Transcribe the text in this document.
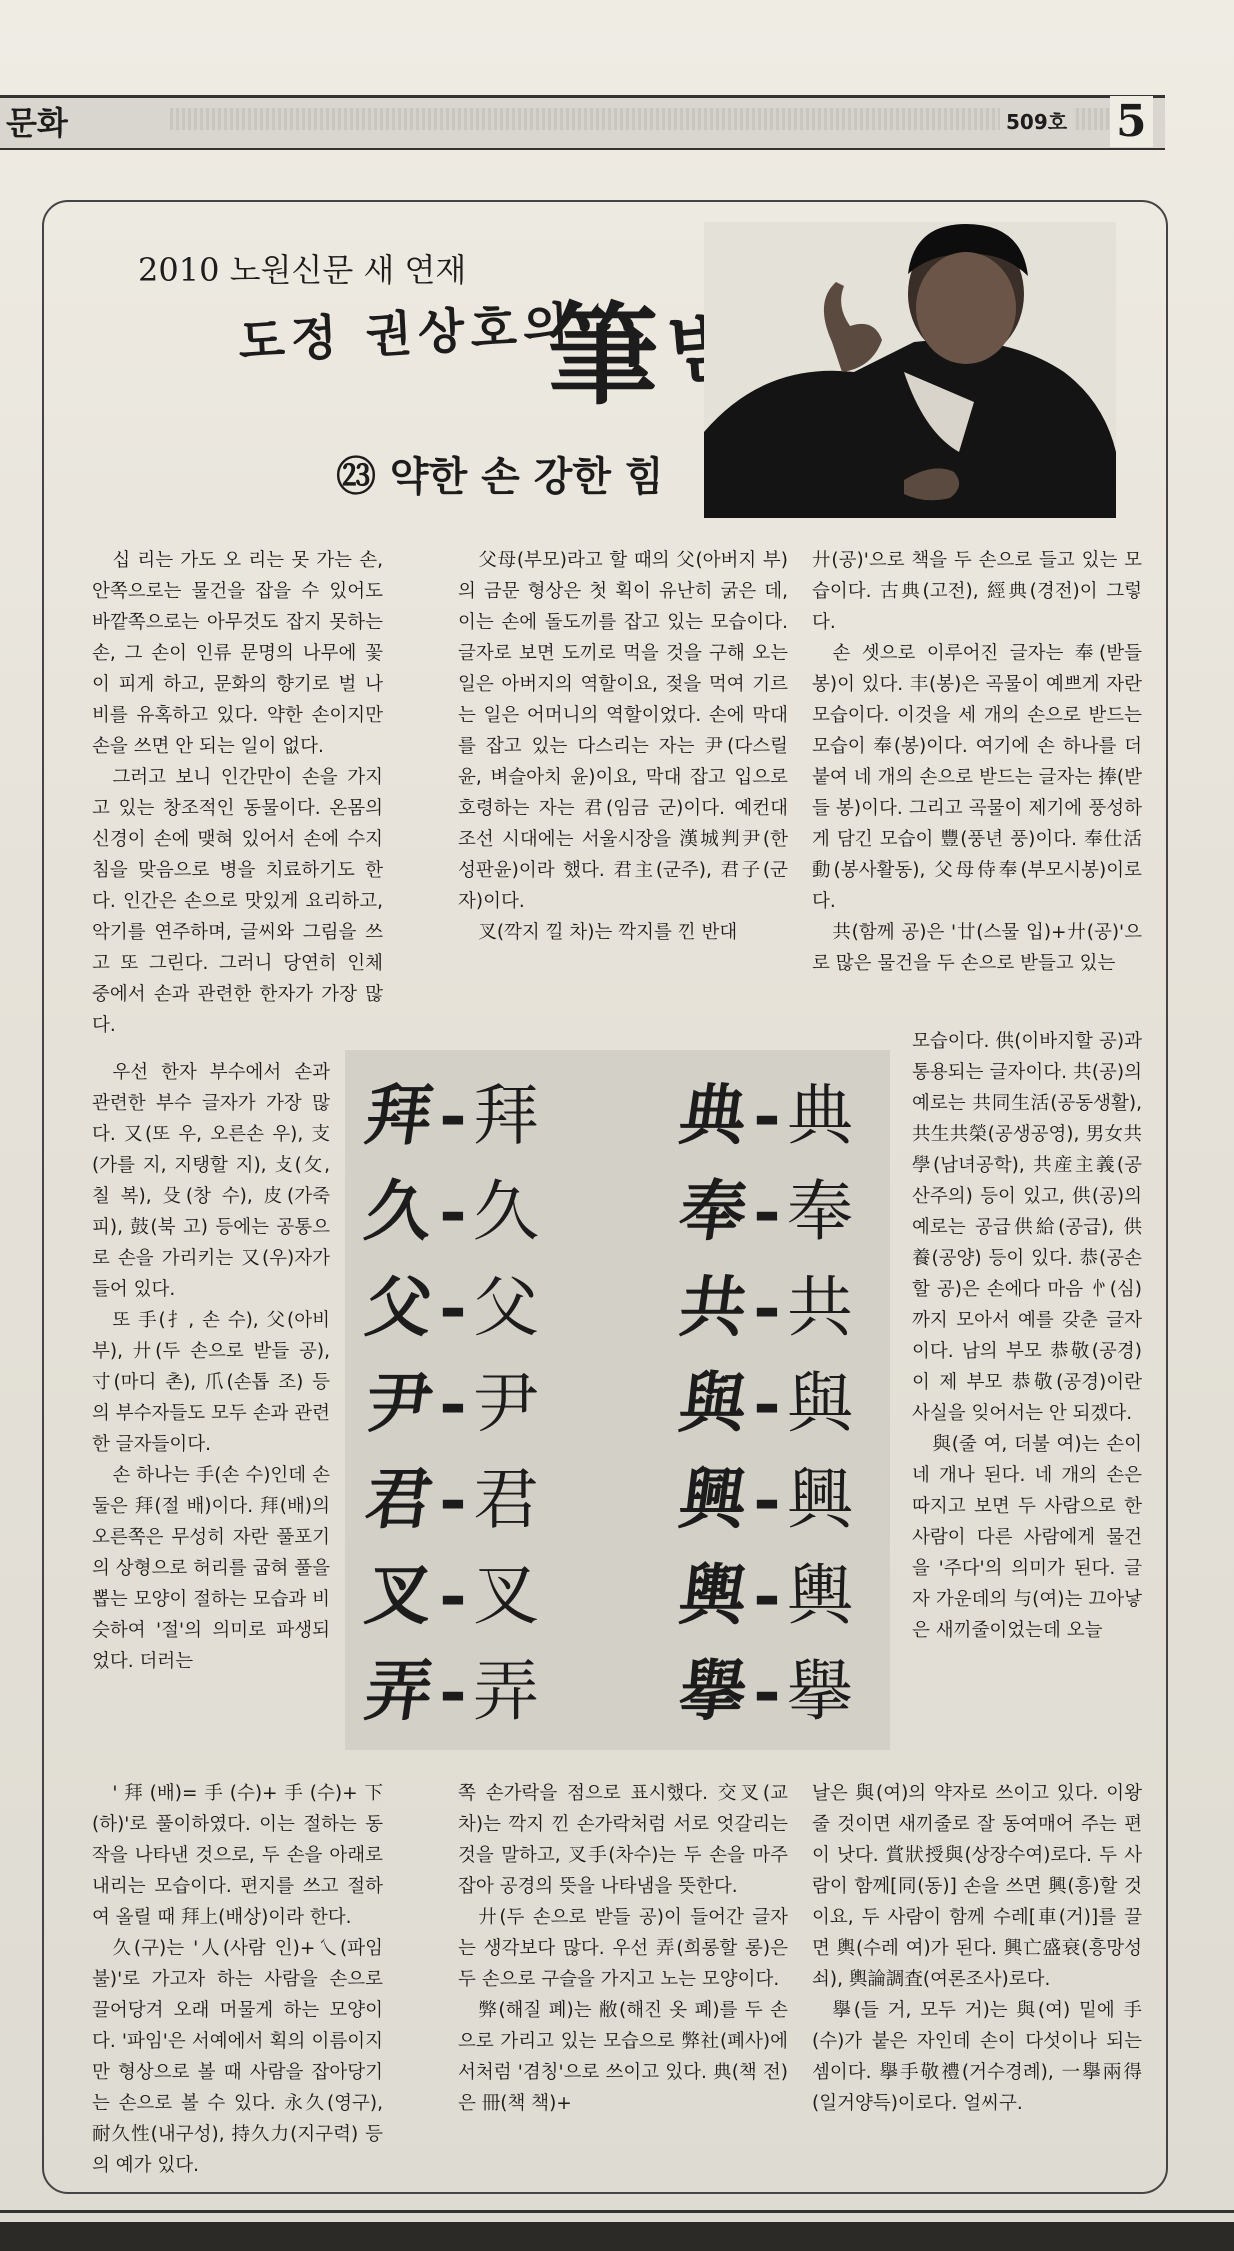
문화	509호 5
2010 노원신문 새 연재
도정 권상호의
筆
㉓ 약한 손 강한 힘

십 리는 가도 오 리는 못 가는 손, 안쪽으로는 물건을 잡을 수 있어도 바깥쪽으로는 아무것도 잡지 못하는 손, 그 손이 인류 문명의 나무에 꽃이 피게 하고, 문화의 향기로 벌 나비를 유혹하고 있다. 약한 손이지만 손을 쓰면 안 되는 일이 없다.

그러고 보니 인간만이 손을 가지고 있는 창조적인 동물이다. 온몸의 신경이 손에 맺혀 있어서 손에 수지침을 맞음으로 병을 치료하기도 한다. 인간은 손으로 맛있게 요리하고, 악기를 연주하며, 글씨와 그림을 쓰고 또 그린다. 그러니 당연히 인체 중에서 손과 관련한 한자가 가장 많다.

우선 한자 부수에서 손과 관련한 부수 글자가 가장 많다. 又(또 우, 오른손 우), 支(가를 지, 지탱할 지), 攴(攵, 칠 복), 殳(창 수), 皮(가죽 피), 鼓(북 고) 등에는 공통으로 손을 가리키는 又(우)자가 들어 있다.

또 手(扌, 손 수), 父(아비 부), 廾(두 손으로 받들 공), 寸(마디 촌), 爪(손톱 조) 등의 부수자들도 모두 손과 관련한 글자들이다.

손 하나는 手(손 수)인데 손 둘은 拜(절 배)이다. 拜(배)의 오른쪽은 무성히 자란 풀포기의 상형으로 허리를 굽혀 풀을 뽑는 모양이 절하는 모습과 비슷하여 '절'의 의미로 파생되었다. 더러는

'拜(배)=手(수)+手(수)+下(하)'로 풀이하였다. 이는 절하는 동작을 나타낸 것으로, 두 손을 아래로 내리는 모습이다. 편지를 쓰고 절하여 올릴 때 拜上(배상)이라 한다.

久(구)는 '人(사람 인)+乀(파임 불)'로 가고자 하는 사람을 손으로 끌어당겨 오래 머물게 하는 모양이다. '파임'은 서예에서 획의 이름이지만 형상으로 볼 때 사람을 잡아당기는 손으로 볼 수 있다. 永久(영구), 耐久性(내구성), 持久力(지구력) 등의 예가 있다.

父母(부모)라고 할 때의 父(아버지 부)의 금문 형상은 첫 획이 유난히 굵은 데, 이는 손에 돌도끼를 잡고 있는 모습이다. 글자로 보면 도끼로 먹을 것을 구해 오는 일은 아버지의 역할이요, 젖을 먹여 기르는 일은 어머니의 역할이었다. 손에 막대를 잡고 있는 다스리는 자는 尹(다스릴 윤, 벼슬아치 윤)이요, 막대 잡고 입으로 호령하는 자는 君(임금 군)이다. 예컨대 조선 시대에는 서울시장을 漢城判尹(한성판윤)이라 했다. 君主(군주), 君子(군자)이다.

叉(깍지 낄 차)는 깍지를 낀 반대

쪽 손가락을 점으로 표시했다. 交叉(교차)는 깍지 낀 손가락처럼 서로 엇갈리는 것을 말하고, 叉手(차수)는 두 손을 마주 잡아 공경의 뜻을 나타냄을 뜻한다.

廾(두 손으로 받들 공)이 들어간 글자는 생각보다 많다. 우선 弄(희롱할 롱)은 두 손으로 구슬을 가지고 노는 모양이다.

弊(해질 폐)는 敝(해진 옷 폐)를 두 손으로 가리고 있는 모습으로 弊社(폐사)에서처럼 '겸칭'으로 쓰이고 있다. 典(책 전)은 冊(책 책)+

廾(공)'으로 책을 두 손으로 들고 있는 모습이다. 古典(고전), 經典(경전)이 그렇다.

손 셋으로 이루어진 글자는 奉(받들 봉)이 있다. 丰(봉)은 곡물이 예쁘게 자란 모습이다. 이것을 세 개의 손으로 받드는 모습이 奉(봉)이다. 여기에 손 하나를 더 붙여 네 개의 손으로 받드는 글자는 捧(받들 봉)이다. 그리고 곡물이 제기에 풍성하게 담긴 모습이 豐(풍년 풍)이다. 奉仕活動(봉사활동), 父母侍奉(부모시봉)이로다.

共(함께 공)은 '廿(스물 입)+廾(공)'으로 많은 물건을 두 손으로 받들고 있는

모습이다. 供(이바지할 공)과 통용되는 글자이다. 共(공)의 예로는 共同生活(공동생활), 共生共榮(공생공영), 男女共學(남녀공학), 共産主義(공산주의) 등이 있고, 供(공)의 예로는 공급供給(공급), 供養(공양) 등이 있다. 恭(공손할 공)은 손에다 마음 㣺(심)까지 모아서 예를 갖춘 글자이다. 남의 부모 恭敬(공경)이 제 부모 恭敬(공경)이란 사실을 잊어서는 안 되겠다.

與(줄 여, 더불 여)는 손이 네 개나 된다. 네 개의 손은 따지고 보면 두 사람으로 한 사람이 다른 사람에게 물건을 '주다'의 의미가 된다. 글자 가운데의 与(여)는 끄아낳은 새끼줄이었는데 오늘

날은 與(여)의 약자로 쓰이고 있다. 이왕 줄 것이면 새끼줄로 잘 동여매어 주는 편이 낫다. 賞狀授與(상장수여)로다. 두 사람이 함께[同(동)] 손을 쓰면 興(흥)할 것이요, 두 사람이 함께 수레[車(거)]를 끌면 輿(수레 여)가 된다. 興亡盛衰(흥망성쇠), 輿論調査(여론조사)로다.

擧(들 거, 모두 거)는 與(여) 밑에 手(수)가 붙은 자인데 손이 다섯이나 되는 셈이다. 擧手敬禮(거수경례), 一擧兩得(일거양득)이로다. 얼씨구.

拜-拜 典-典
久-久 奉-奉
父-父 共-共
尹-尹 與-與
君-君 興-興
叉-叉 輿-輿
弄-弄 擧-擧
